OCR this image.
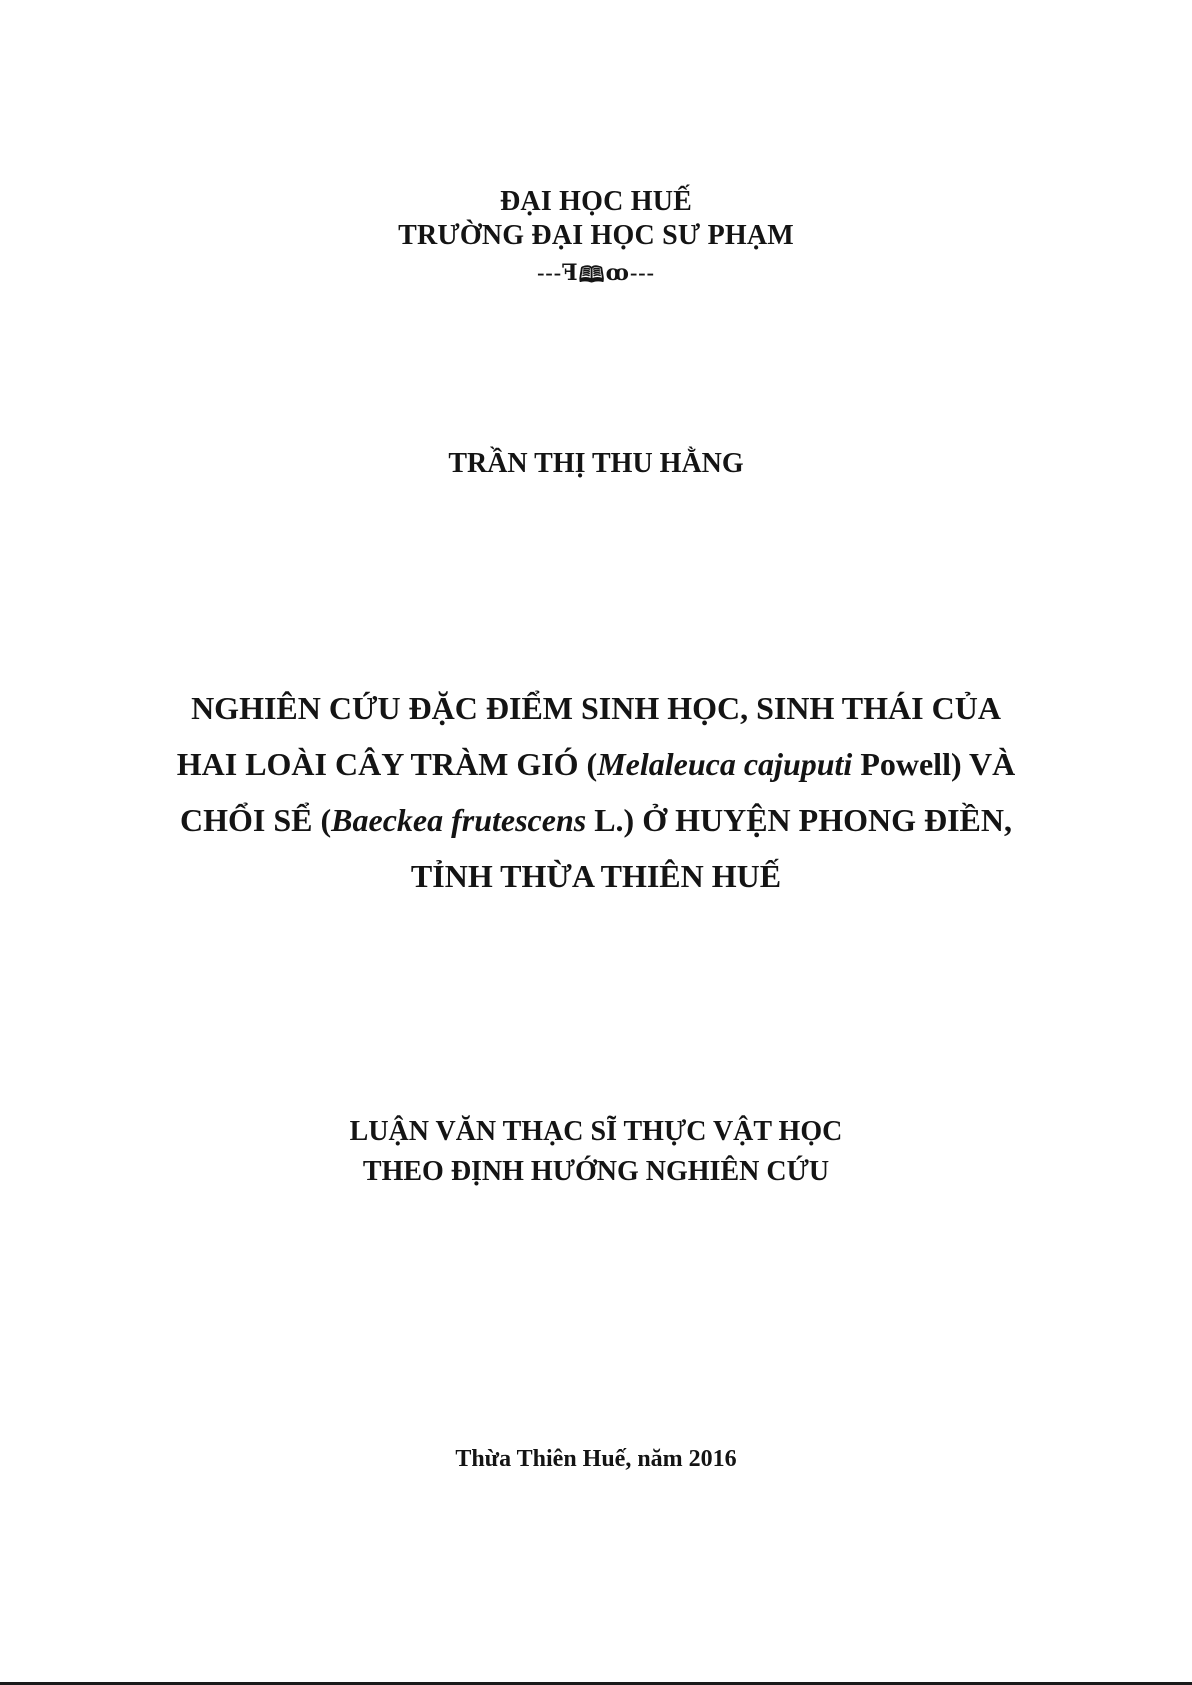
ĐẠI HỌC HUẾ
TRƯỜNG ĐẠI HỌC SƯ PHẠM
---ꟻ🕮ꝏ---
TRẦN THỊ THU HẰNG
NGHIÊN CỨU ĐẶC ĐIỂM SINH HỌC, SINH THÁI CỦA
HAI LOÀI CÂY TRÀM GIÓ (Melaleuca cajuputi Powell) VÀ
CHỔI SỂ (Baeckea frutescens L.) Ở HUYỆN PHONG ĐIỀN,
TỈNH THỪA THIÊN HUẾ
LUẬN VĂN THẠC SĨ THỰC VẬT HỌC
THEO ĐỊNH HƯỚNG NGHIÊN CỨU
Thừa Thiên Huế, năm 2016
